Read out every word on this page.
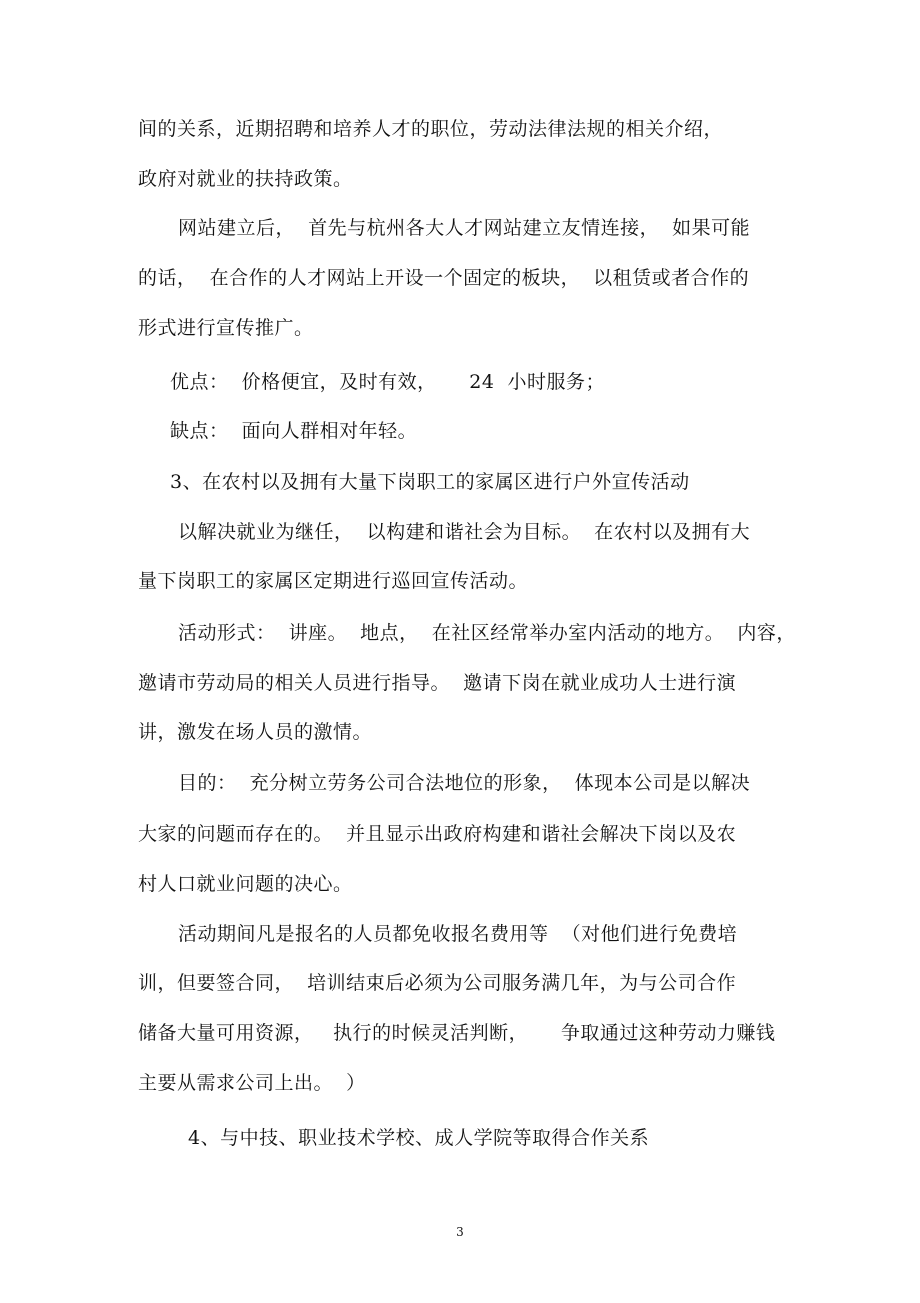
间的关系，近期招聘和培养人才的职位，劳动法律法规的相关介绍，

政府对就业的扶持政策。

网站建立后，  首先与杭州各大人才网站建立友情连接，  如果可能

的话，  在合作的人才网站上开设一个固定的板块，  以租赁或者合作的

形式进行宣传推广。

优点：  价格便宜，及时有效，     24  小时服务；

缺点：  面向人群相对年轻。

3、在农村以及拥有大量下岗职工的家属区进行户外宣传活动

以解决就业为继任，  以构建和谐社会为目标。  在农村以及拥有大

量下岗职工的家属区定期进行巡回宣传活动。

活动形式：  讲座。  地点，  在社区经常举办室内活动的地方。  内容，

邀请市劳动局的相关人员进行指导。  邀请下岗在就业成功人士进行演

讲，激发在场人员的激情。

目的：  充分树立劳务公司合法地位的形象，  体现本公司是以解决

大家的问题而存在的。  并且显示出政府构建和谐社会解决下岗以及农

村人口就业问题的决心。

活动期间凡是报名的人员都免收报名费用等  （对他们进行免费培

训，但要签合同，  培训结束后必须为公司服务满几年，为与公司合作

储备大量可用资源，   执行的时候灵活判断，     争取通过这种劳动力赚钱

主要从需求公司上出。  ）

4、与中技、职业技术学校、成人学院等取得合作关系

3
